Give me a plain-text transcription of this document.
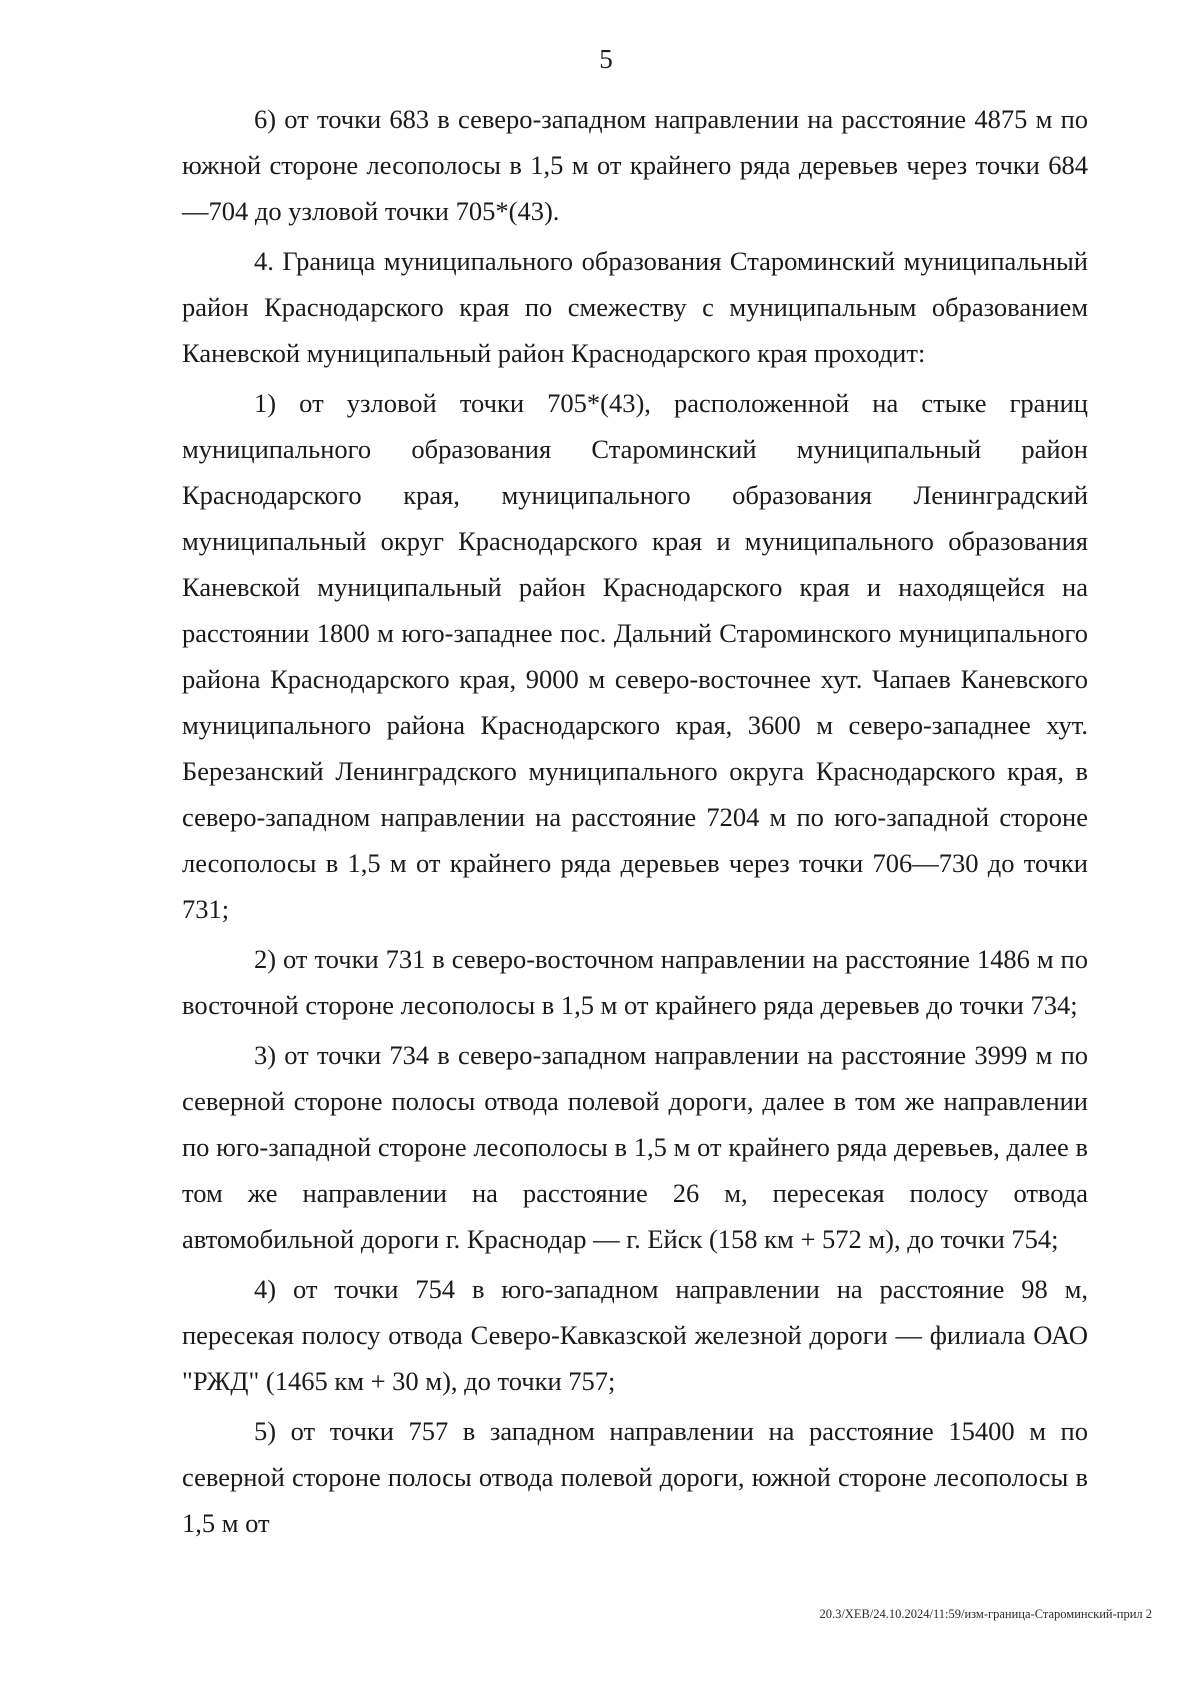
5

6) от точки 683 в северо-западном направлении на расстояние 4875 м по южной стороне лесополосы в 1,5 м от крайнего ряда деревьев через точки 684—704 до узловой точки 705*(43).

4. Граница муниципального образования Староминский муниципальный район Краснодарского края по смежеству с муниципальным образованием Каневской муниципальный район Краснодарского края проходит:

1) от узловой точки 705*(43), расположенной на стыке границ муниципального образования Староминский муниципальный район Краснодарского края, муниципального образования Ленинградский муниципальный округ Краснодарского края и муниципального образования Каневской муниципальный район Краснодарского края и находящейся на расстоянии 1800 м юго-западнее пос. Дальний Староминского муниципального района Краснодарского края, 9000 м северо-восточнее хут. Чапаев Каневского муниципального района Краснодарского края, 3600 м северо-западнее хут. Березанский Ленинградского муниципального округа Краснодарского края, в северо-западном направлении на расстояние 7204 м по юго-западной стороне лесополосы в 1,5 м от крайнего ряда деревьев через точки 706—730 до точки 731;

2) от точки 731 в северо-восточном направлении на расстояние 1486 м по восточной стороне лесополосы в 1,5 м от крайнего ряда деревьев до точки 734;

3) от точки 734 в северо-западном направлении на расстояние 3999 м по северной стороне полосы отвода полевой дороги, далее в том же направлении по юго-западной стороне лесополосы в 1,5 м от крайнего ряда деревьев, далее в том же направлении на расстояние 26 м, пересекая полосу отвода автомобильной дороги г. Краснодар — г. Ейск (158 км + 572 м), до точки 754;

4) от точки 754 в юго-западном направлении на расстояние 98 м, пересекая полосу отвода Северо-Кавказской железной дороги — филиала ОАО "РЖД" (1465 км + 30 м), до точки 757;

5) от точки 757 в западном направлении на расстояние 15400 м по северной стороне полосы отвода полевой дороги, южной стороне лесополосы в 1,5 м от

20.3/ХЕВ/24.10.2024/11:59/изм-граница-Староминский-прил 2
